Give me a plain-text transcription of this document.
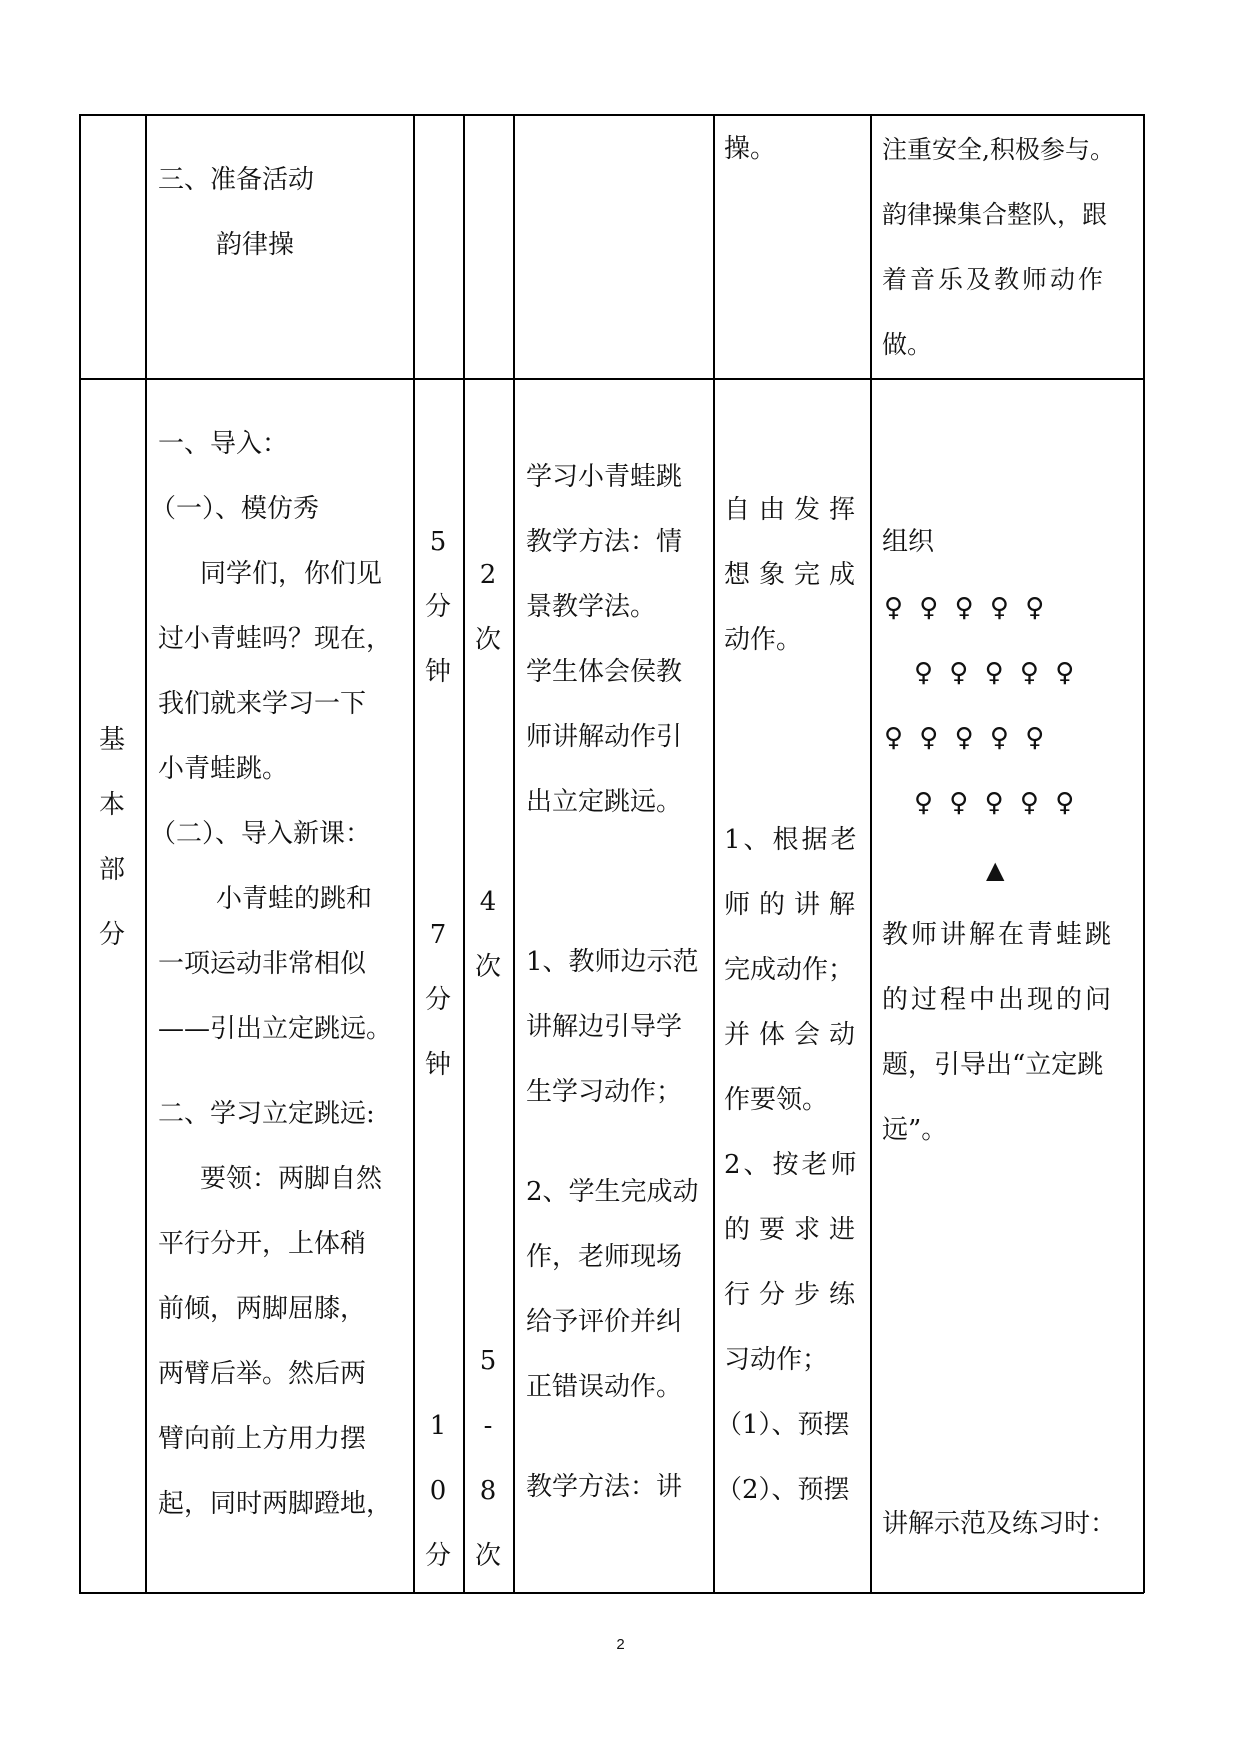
三、准备活动
韵律操
操。	注重安全,积极参与。
韵律操集合整队，跟
着音乐及教师动作
做。
基
本
部
分
一、导入：
（一）、模仿秀
同学们，你们见
过小青蛙吗？现在，
我们就来学习一下
小青蛙跳。
（二）、导入新课：
小青蛙的跳和
一项运动非常相似
——引出立定跳远。
二、学习立定跳远:
要领：两脚自然
平行分开，上体稍
前倾，两脚屈膝，
两臂后举。然后两
臂向前上方用力摆
起，同时两脚蹬地，
5
分
钟
7
分
钟
1
0
分
2
次
4
次
5
-
8
次
学习小青蛙跳
教学方法：情
景教学法。
学生体会侯教
师讲解动作引
出立定跳远。
1、教师边示范
讲解边引导学
生学习动作；
2、学生完成动
作，老师现场
给予评价并纠
正错误动作。
教学方法：讲
自由发挥
想象完成
动作。
1、根据老
师的讲解
完成动作；
并体会动
作要领。
2、按老师
的要求进
行分步练
习动作；
（1）、预摆
（2）、预摆
组织
♀ ♀ ♀ ♀ ♀
♀ ♀ ♀ ♀ ♀
♀ ♀ ♀ ♀ ♀
♀ ♀ ♀ ♀ ♀
▲
教师讲解在青蛙跳
的过程中出现的问
题，引导出“立定跳
远”。
讲解示范及练习时：
2
